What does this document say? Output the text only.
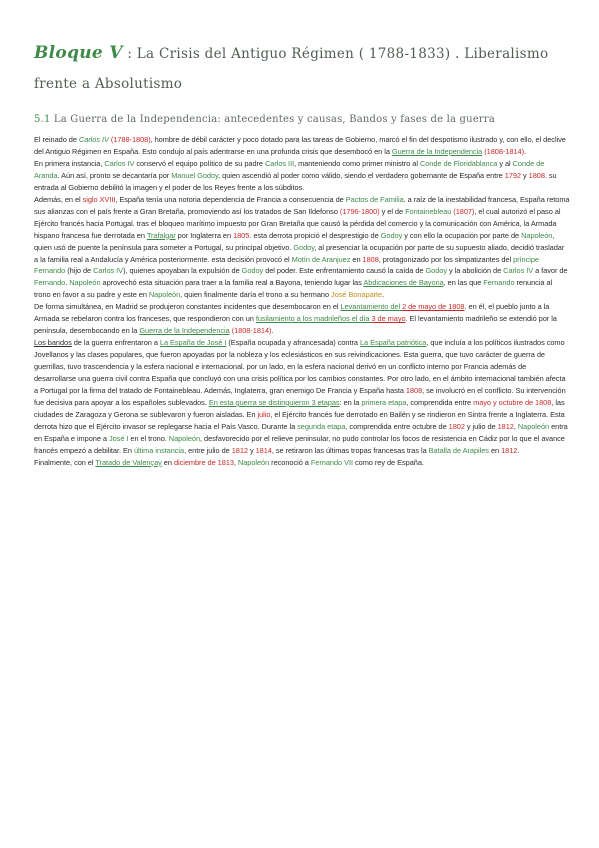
Bloque V : La Crisis del Antiguo Régimen ( 1788-1833) . Liberalismo frente a Absolutismo
5.1 La Guerra de la Independencia: antecedentes y causas, Bandos y fases de la guerra

El reinado de Carlos IV (1788-1808), hombre de débil carácter y poco dotado para las tareas de Gobierno, marcó el fin del despotismo ilustrado y, con ello, el declive del Antiguo Régimen en España. Esto condujo al país adentrarse en una profunda crisis que desembocó en la Guerra de la Independencia (1808-1814).

En primera instancia, Carlos IV conservó el equipo político de su padre Carlos III, manteniendo como primer ministro al Conde de Floridablanca y al Conde de Aranda. Aún así, pronto se decantaría por Manuel Godoy, quien ascendió al poder como válido, siendo el verdadero gobernante de España entre 1792 y 1808. su entrada al Gobierno debilitó la imagen y el poder de los Reyes frente a los súbditos.

Además, en el siglo XVIII, España tenía una notoria dependencia de Francia a consecuencia de Pactos de Familia. a raíz de la inestabilidad francesa, España retoma sus alianzas con el país frente a Gran Bretaña, promoviendo así los tratados de San Ildefonso (1796-1800) y el de Fontainebleau (1807), el cual autorizó el paso al Ejército francés hacia Portugal. tras el bloqueo marítimo impuesto por Gran Bretaña que causó la pérdida del comercio y la comunicación con América, la Armada hispano francesa fue derrotada en Trafalgar por Inglaterra en 1805. esta derrota propició el desprestigio de Godoy y con ello la ocupación por parte de Napoleón, quien usó de puente la península para someter a Portugal, su principal objetivo. Godoy, al presenciar la ocupación por parte de su supuesto aliado, decidió trasladar a la familia real a Andalucía y América posteriormente. esta decisión provocó el Motín de Aranjuez en 1808, protagonizado por los simpatizantes del príncipe Fernando (hijo de Carlos IV), quienes apoyaban la expulsión de Godoy del poder. Este enfrentamiento causó la caída de Godoy y la abolición de Carlos IV a favor de Fernando. Napoleón aprovechó esta situación para traer a la familia real a Bayona, teniendo lugar las Abdicaciones de Bayona, en las que Fernando renuncia al trono en favor a su padre y este en Napoleón, quien finalmente daría el trono a su hermano José Bonaparte.

De forma simultánea, en Madrid se produjeron constantes incidentes que desembocaron en el Levantamiento del 2 de mayo de 1808. en él, el pueblo junto a la Armada se rebelaron contra los franceses, que respondieron con un fusilamiento a los madrileños el día 3 de mayo. El levantamiento madrileño se extendió por la península, desembocando en la Guerra de la Independencia (1808-1814).

Los bandos de la guerra enfrentaron a La España de José I (España ocupada y afrancesada) contra La España patriótica, que incluía a los políticos ilustrados como Jovellanos y las clases populares, que fueron apoyadas por la nobleza y los eclesiásticos en sus reivindicaciones. Esta guerra, que tuvo carácter de guerra de guerrillas, tuvo trascendencia y la esfera nacional e internacional. por un lado, en la esfera nacional derivó en un conflicto interno por Francia además de desarrollarse una guerra civil contra España que concluyó con una crisis política por los cambios constantes. Por otro lado, en el ámbito internacional también afecta a Portugal por la firma del tratado de Fontainebleau. Además, Inglaterra, gran enemigo De Francia y España hasta 1808, se involucró en el conflicto. Su intervención fue decisiva para apoyar a los españoles sublevados. En esta guerra se distinguieron 3 etapas: en la primera etapa, comprendida entre mayo y octubre de 1808, las ciudades de Zaragoza y Gerona se sublevaron y fueron aisladas. En julio, el Ejército francés fue derrotado en Bailén y se rindieron en Sintra frente a Inglaterra. Esta derrota hizo que el Ejército invasor se replegarse hacia el País Vasco. Durante la segunda etapa, comprendida entre octubre de 1802 y julio de 1812, Napoleón entra en España e impone a José I en el trono. Napoleón, desfavorecido por el relieve peninsular, no pudo controlar los focos de resistencia en Cádiz por lo que el avance francés empezó a debilitar. En última instancia, entre julio de 1812 y 1814, se retiraron las últimas tropas francesas tras la Batalla de Arapiles en 1812.

Finalmente, con el Tratado de Valençay en diciembre de 1813, Napoleón reconoció a Fernando VII como rey de España.
